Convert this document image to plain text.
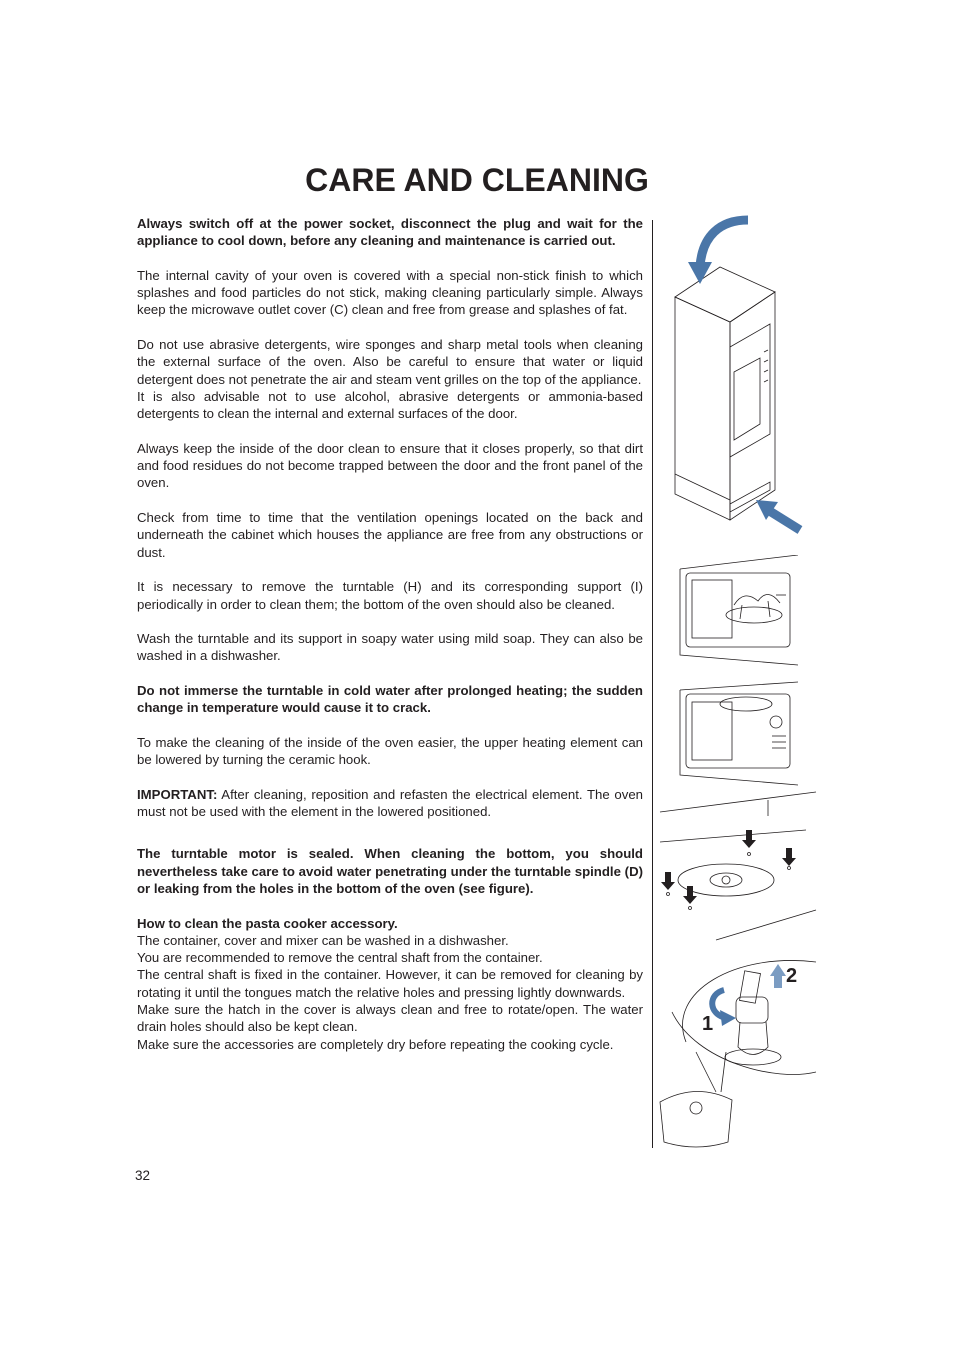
CARE AND CLEANING

Always switch off at the power socket, disconnect the plug and wait for the appliance to cool down, before any cleaning and maintenance is carried out.

The internal cavity of your oven is covered with a special non-stick finish to which splashes and food particles do not stick, making cleaning particularly simple. Always keep the microwave outlet cover (C) clean and free from grease and splashes of fat.

Do not use abrasive detergents, wire sponges and sharp metal tools when cleaning the external surface of the oven. Also be careful to ensure that water or liquid detergent does not penetrate the air and steam vent grilles on the top of the appliance.

It is also advisable not to use alcohol, abrasive detergents or ammonia-based detergents to clean the internal and external surfaces of the door.

Always keep the inside of the door clean to ensure that it closes properly, so that dirt and food residues do not become trapped between the door and the front panel of the oven.

Check from time to time that the ventilation openings located on the back and underneath the cabinet which houses the appliance are free from any obstructions or dust.

It is necessary to remove the turntable (H) and its corresponding support (I) periodically in order to clean them; the bottom of the oven should also be cleaned.

Wash the turntable and its support in soapy water using mild soap. They can also be washed in a dishwasher.

Do not immerse the turntable in cold water after prolonged heating; the sudden change in temperature would cause it to crack.

To make the cleaning of the inside of the oven easier, the upper heating element can be lowered by turning the ceramic hook.

IMPORTANT: After cleaning, reposition and refasten the electrical element. The oven must not be used with the element in the lowered positioned.

The turntable motor is sealed. When cleaning the bottom, you should nevertheless take care to avoid water penetrating under the turntable spindle (D) or leaking from the holes in the bottom of the oven (see figure).

How to clean the pasta cooker accessory.

The container, cover and mixer can be washed in a dishwasher.

You are recommended to remove the central shaft from the container.

The central shaft is fixed in the container. However, it can be removed for cleaning by rotating it until the tongues match the relative holes and pressing lightly downwards.

Make sure the hatch in the cover is always clean and free to rotate/open. The water drain holes should also be kept clean.

Make sure the accessories are completely dry before repeating the cooking cycle.

2
1
32
